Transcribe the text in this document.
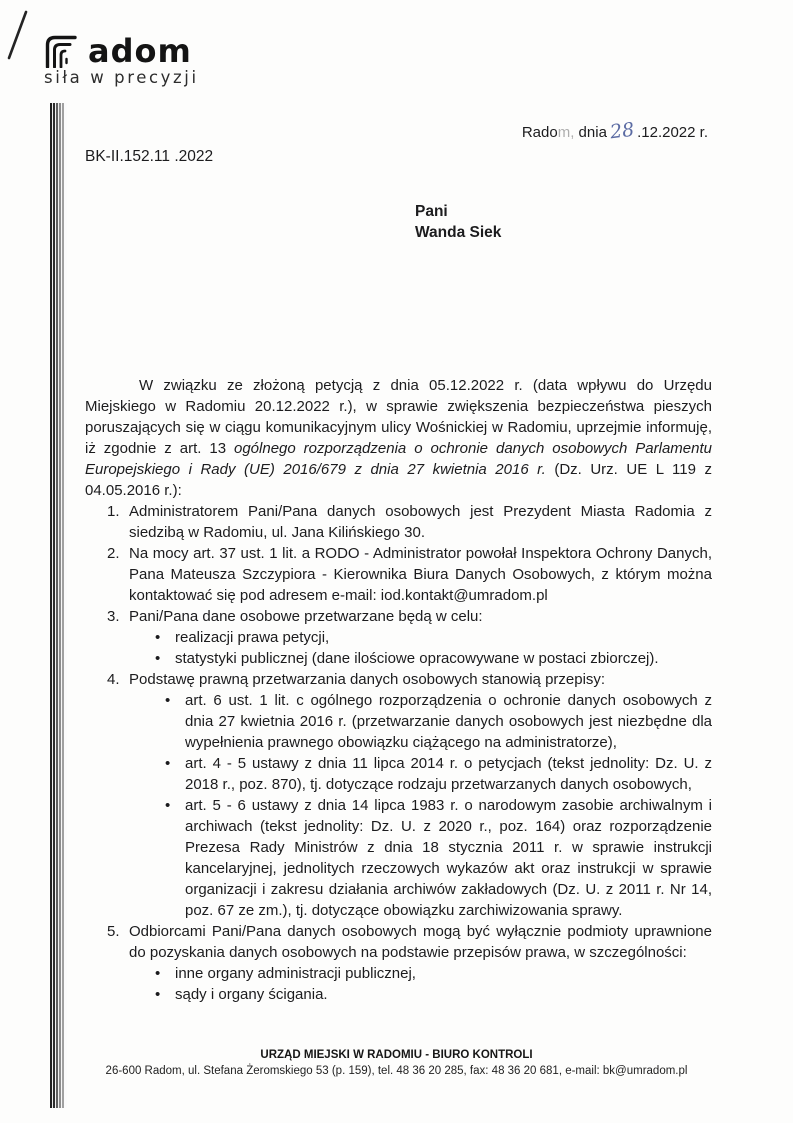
adom
siła w precyzji
Radom, dnia28 .12.2022 r.
BK-II.152.11 .2022
Pani
Wanda Siek

W związku ze złożoną petycją z dnia 05.12.2022 r. (data wpływu do Urzędu Miejskiego w Radomiu 20.12.2022 r.), w sprawie zwiększenia bezpieczeństwa pieszych poruszających się w ciągu komunikacyjnym ulicy Wośnickiej w Radomiu, uprzejmie informuję, iż zgodnie z art. 13 ogólnego rozporządzenia o ochronie danych osobowych Parlamentu Europejskiego i Rady (UE) 2016/679 z dnia 27 kwietnia 2016 r. (Dz. Urz. UE L 119 z 04.05.2016 r.):

1. Administratorem Pani/Pana danych osobowych jest Prezydent Miasta Radomia z siedzibą w Radomiu, ul. Jana Kilińskiego 30.
2. Na mocy art. 37 ust. 1 lit. a RODO - Administrator powołał Inspektora Ochrony Danych, Pana Mateusza Szczypiora - Kierownika Biura Danych Osobowych, z którym można kontaktować się pod adresem e-mail: iod.kontakt@umradom.pl
3. Pani/Pana dane osobowe przetwarzane będą w celu:
•
realizacji prawa petycji,
•
statystyki publicznej (dane ilościowe opracowywane w postaci zbiorczej).
4. Podstawę prawną przetwarzania danych osobowych stanowią przepisy:
•
art. 6 ust. 1 lit. c ogólnego rozporządzenia o ochronie danych osobowych z dnia 27 kwietnia 2016 r. (przetwarzanie danych osobowych jest niezbędne dla wypełnienia prawnego obowiązku ciążącego na administratorze),
•
art. 4 - 5 ustawy z dnia 11 lipca 2014 r. o petycjach (tekst jednolity: Dz. U. z 2018 r., poz. 870), tj. dotyczące rodzaju przetwarzanych danych osobowych,
•
art. 5 - 6 ustawy z dnia 14 lipca 1983 r. o narodowym zasobie archiwalnym i archiwach (tekst jednolity: Dz. U. z 2020 r., poz. 164) oraz rozporządzenie Prezesa Rady Ministrów z dnia 18 stycznia 2011 r. w sprawie instrukcji kancelaryjnej, jednolitych rzeczowych wykazów akt oraz instrukcji w sprawie organizacji i zakresu działania archiwów zakładowych (Dz. U. z 2011 r. Nr 14, poz. 67 ze zm.), tj. dotyczące obowiązku zarchiwizowania sprawy.
5. Odbiorcami Pani/Pana danych osobowych mogą być wyłącznie podmioty uprawnione do pozyskania danych osobowych na podstawie przepisów prawa, w szczególności:
•
inne organy administracji publicznej,
•
sądy i organy ścigania.
URZĄD MIEJSKI W RADOMIU - BIURO KONTROLI
26-600 Radom, ul. Stefana Żeromskiego 53 (p. 159), tel. 48 36 20 285, fax: 48 36 20 681, e-mail: bk@umradom.pl
